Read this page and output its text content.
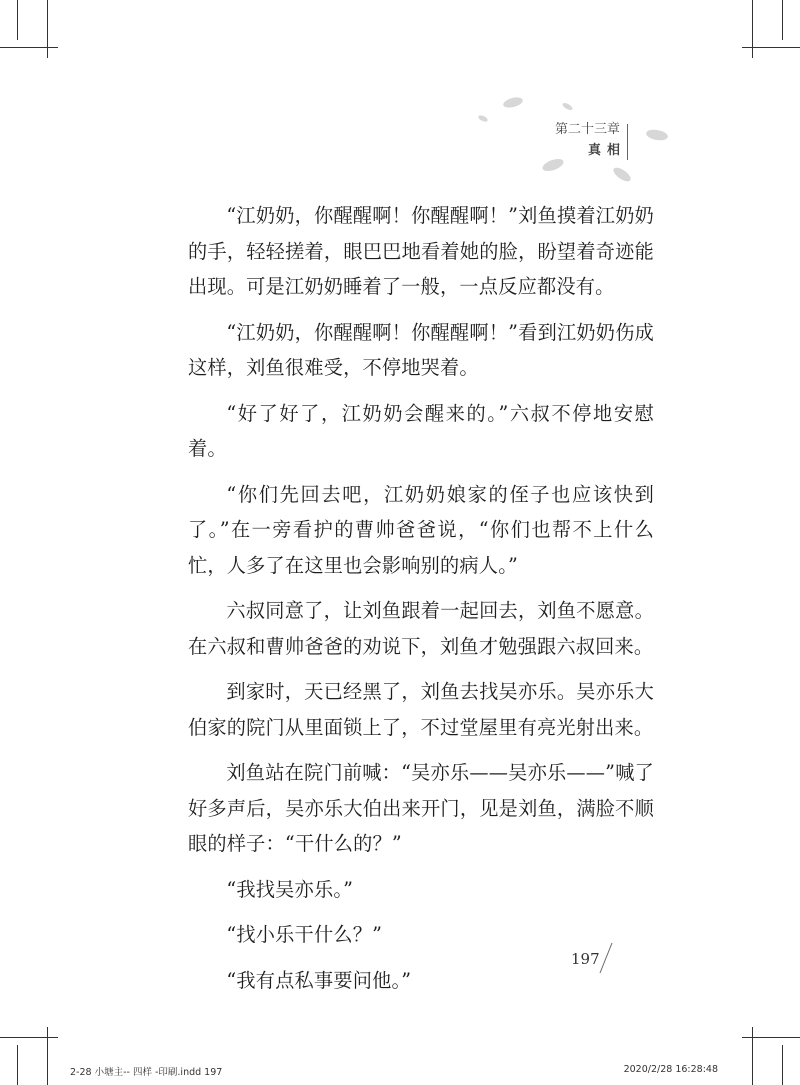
第二十三章
真相

“江奶奶，你醒醒啊！你醒醒啊！”刘鱼摸着江奶奶的手，轻轻搓着，眼巴巴地看着她的脸，盼望着奇迹能出现。可是江奶奶睡着了一般，一点反应都没有。

“江奶奶，你醒醒啊！你醒醒啊！”看到江奶奶伤成这样，刘鱼很难受，不停地哭着。

“好了好了，江奶奶会醒来的。”六叔不停地安慰着。

“你们先回去吧，江奶奶娘家的侄子也应该快到了。”在一旁看护的曹帅爸爸说，“你们也帮不上什么忙，人多了在这里也会影响别的病人。”

六叔同意了，让刘鱼跟着一起回去，刘鱼不愿意。在六叔和曹帅爸爸的劝说下，刘鱼才勉强跟六叔回来。

到家时，天已经黑了，刘鱼去找吴亦乐。吴亦乐大伯家的院门从里面锁上了，不过堂屋里有亮光射出来。

刘鱼站在院门前喊：“吴亦乐——吴亦乐——”喊了好多声后，吴亦乐大伯出来开门，见是刘鱼，满脸不顺眼的样子：“干什么的？”

“我找吴亦乐。”

“找小乐干什么？”

“我有点私事要问他。”

197
2-28 小塘主-- 四样 -印刷.indd 197	2020/2/28 16:28:48
